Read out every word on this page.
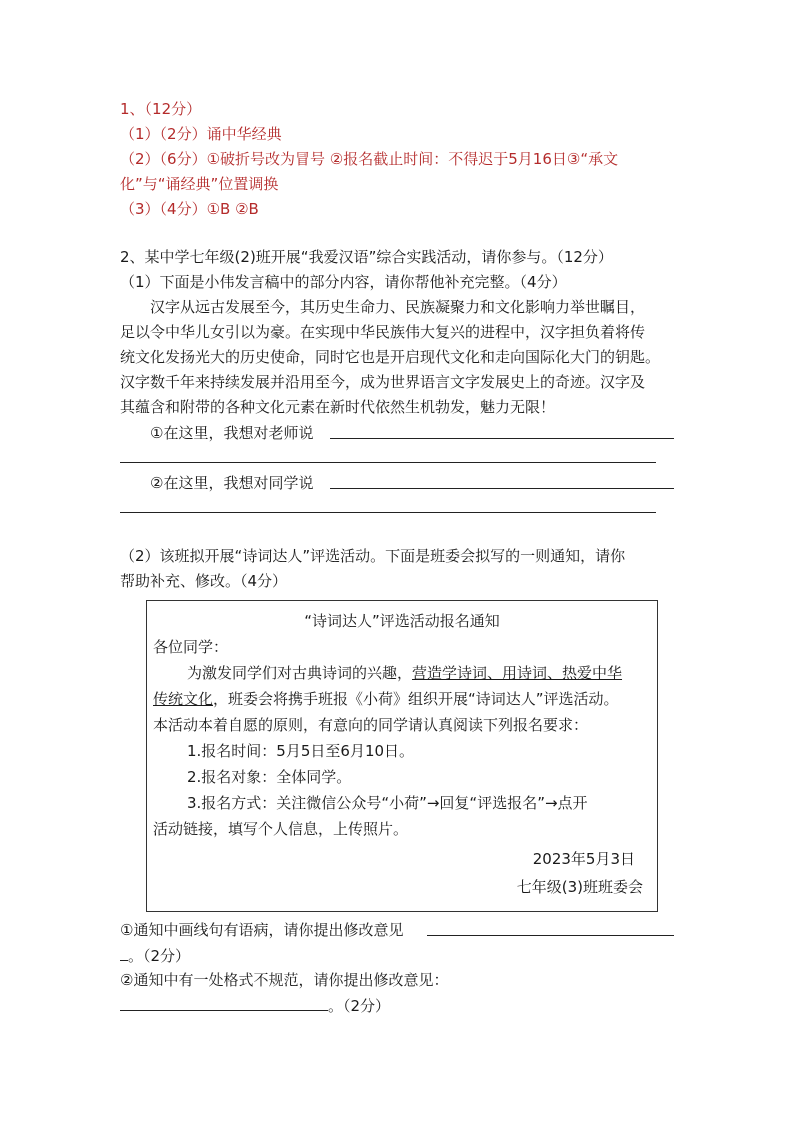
1、（12分）
（1）（2分）诵中华经典
（2）（6分）①破折号改为冒号 ②报名截止时间：不得迟于5月16日③“承文
化”与“诵经典”位置调换
（3）（4分）①B ②B
2、某中学七年级(2)班开展“我爱汉语”综合实践活动，请你参与。（12分）
（1）下面是小伟发言稿中的部分内容，请你帮他补充完整。（4分）
汉字从远古发展至今，其历史生命力、民族凝聚力和文化影响力举世瞩目，
足以令中华儿女引以为豪。在实现中华民族伟大复兴的进程中，汉字担负着将传
统文化发扬光大的历史使命，同时它也是开启现代文化和走向国际化大门的钥匙。
汉字数千年来持续发展并沿用至今，成为世界语言文字发展史上的奇迹。汉字及
其蕴含和附带的各种文化元素在新时代依然生机勃发，魅力无限！
①在这里，我想对老师说
②在这里，我想对同学说
（2）该班拟开展“诗词达人”评选活动。下面是班委会拟写的一则通知，请你
帮助补充、修改。（4分）
“诗词达人”评选活动报名通知
各位同学：
为激发同学们对古典诗词的兴趣，营造学诗词、用诗词、热爱中华
传统文化，班委会将携手班报《小荷》组织开展“诗词达人”评选活动。
本活动本着自愿的原则，有意向的同学请认真阅读下列报名要求：
1.报名时间：5月5日至6月10日。
2.报名对象：全体同学。
3.报名方式：关注微信公众号“小荷”→回复“评选报名”→点开
活动链接，填写个人信息，上传照片。
2023年5月3日
七年级(3)班班委会
①通知中画线句有语病，请你提出修改意见
。（2分）
②通知中有一处格式不规范，请你提出修改意见：
。（2分）
